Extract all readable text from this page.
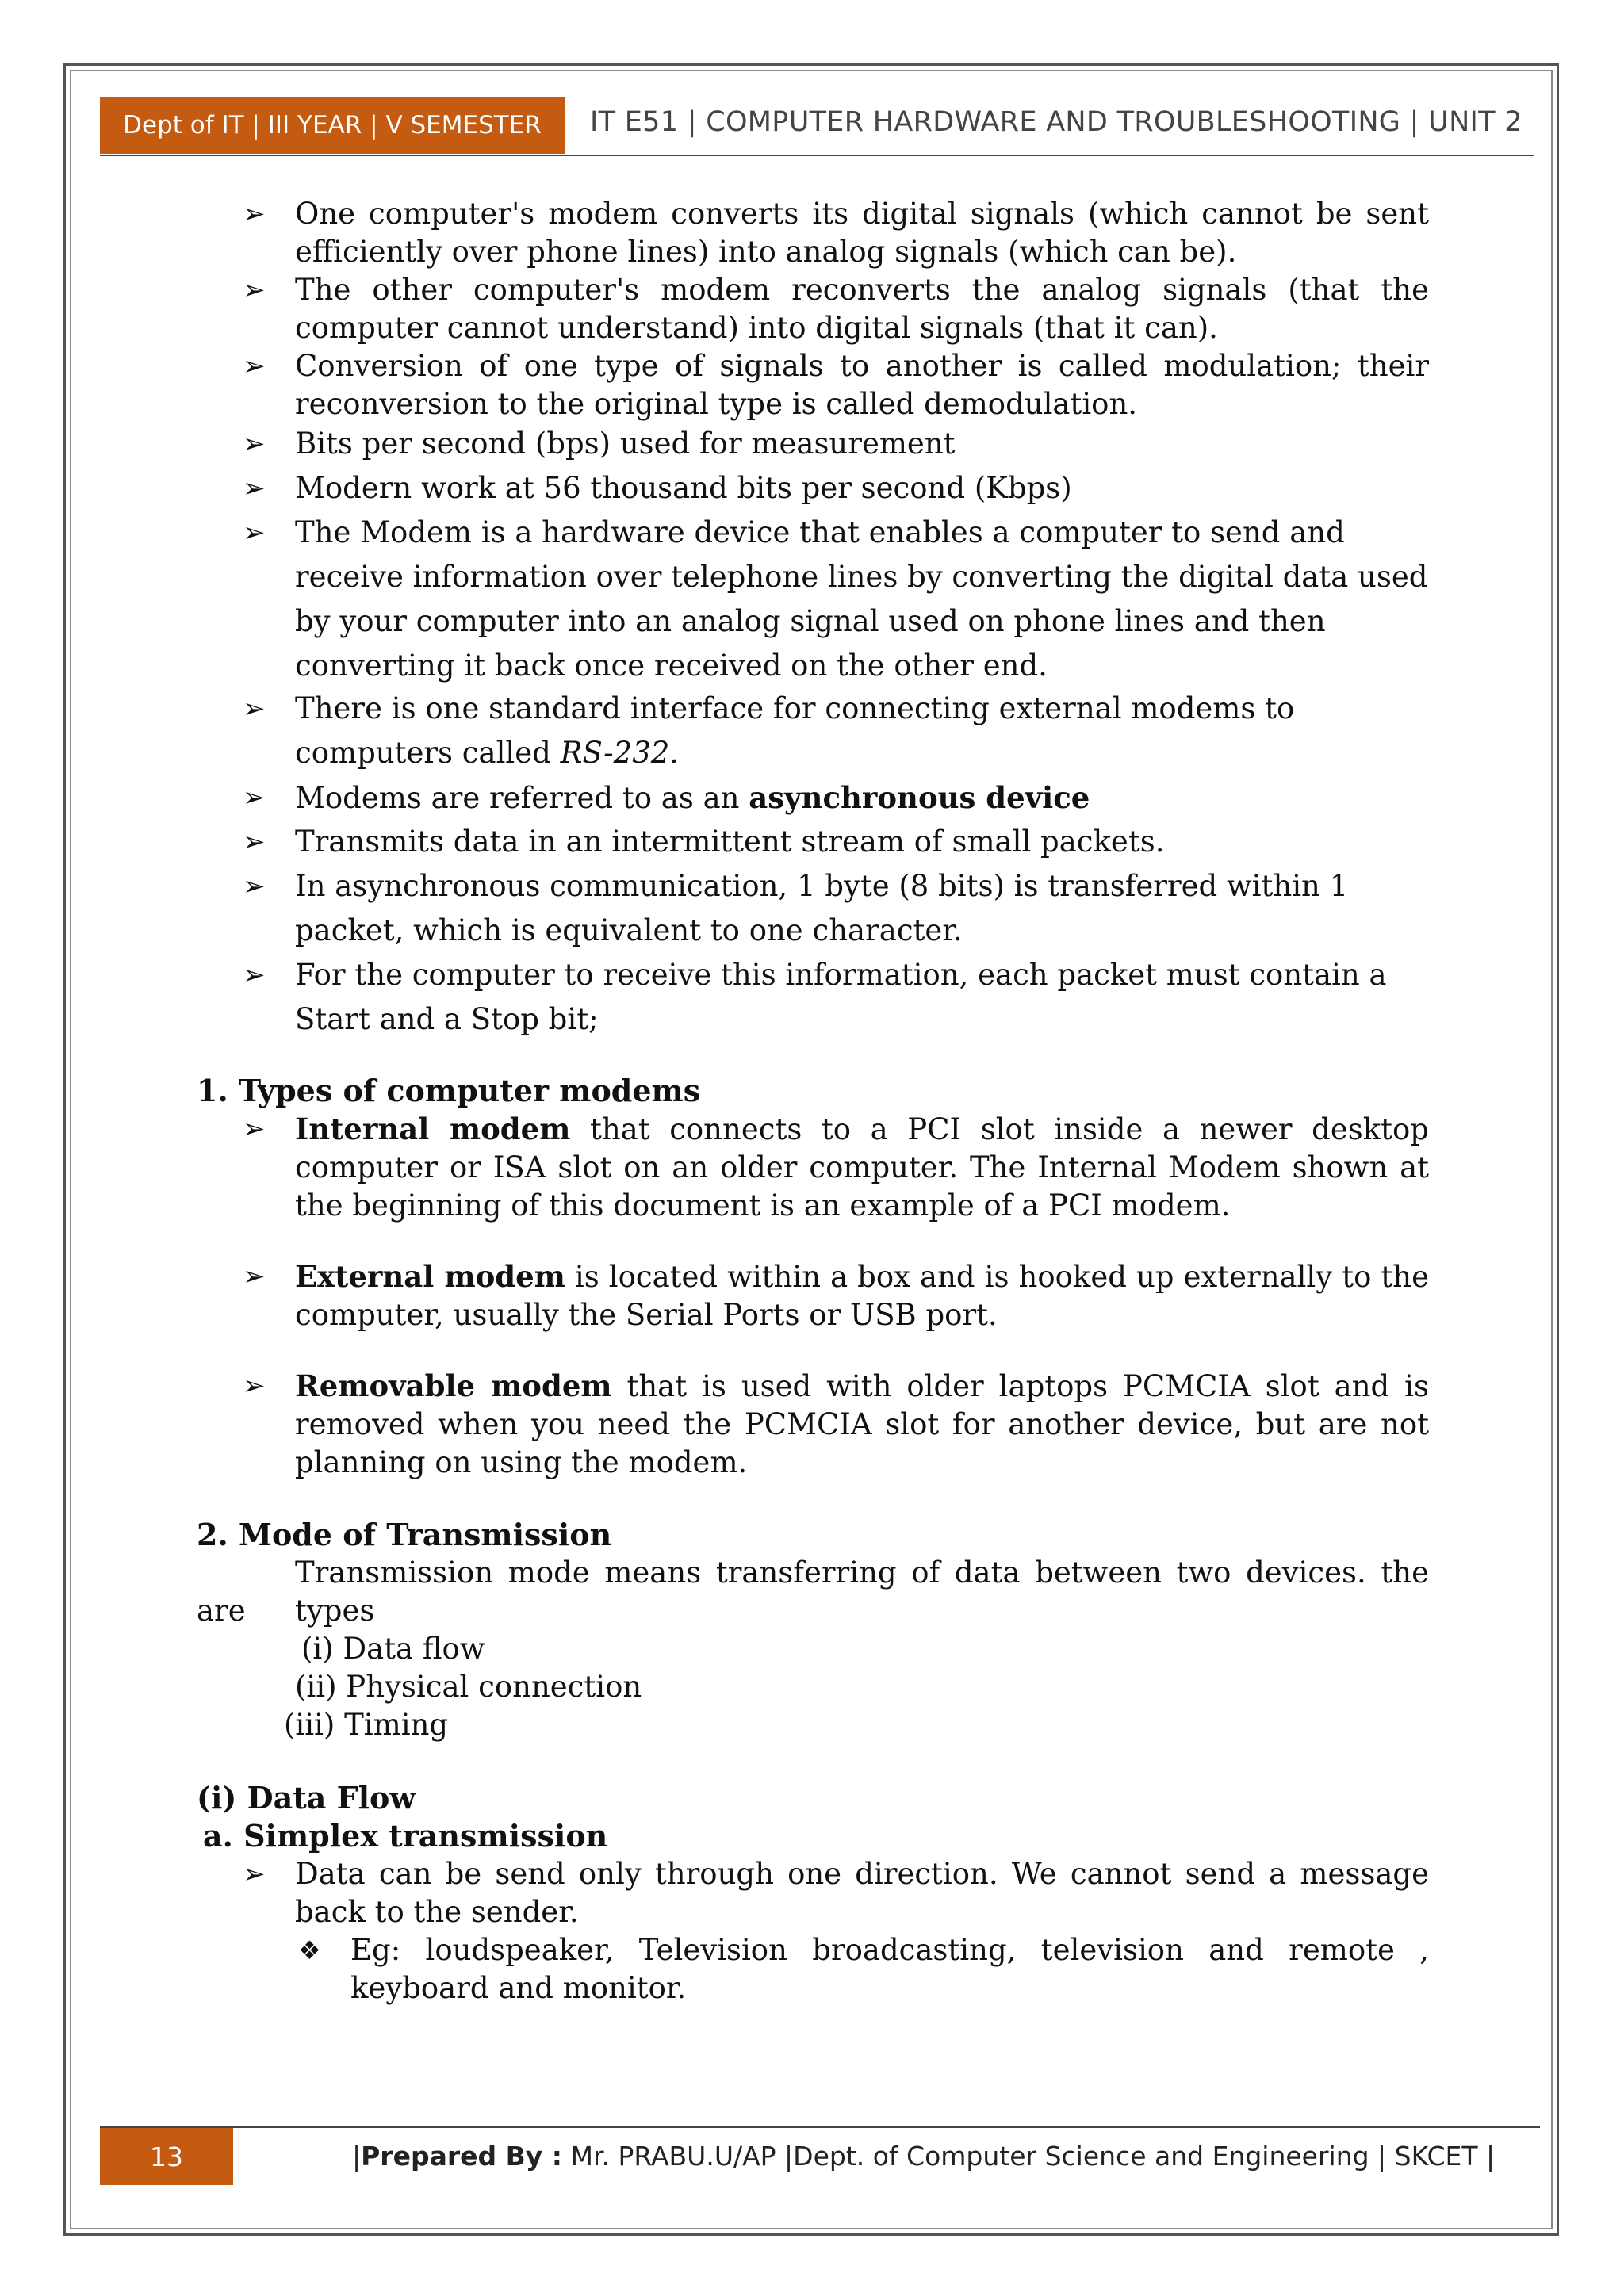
Dept of IT | III YEAR | V SEMESTER	IT E51 | COMPUTER HARDWARE AND TROUBLESHOOTING | UNIT 2
➢ One computer's modem converts its digital signals (which cannot be sent efficiently over phone lines) into analog signals (which can be).
➢ The other computer's modem reconverts the analog signals (that the computer cannot understand) into digital signals (that it can).
➢ Conversion of one type of signals to another is called modulation; their reconversion to the original type is called demodulation.
➢ Bits per second (bps) used for measurement
➢ Modern work at 56 thousand bits per second (Kbps)
➢ The Modem is a hardware device that enables a computer to send and receive information over telephone lines by converting the digital data used by your computer into an analog signal used on phone lines and then converting it back once received on the other end.
➢ There is one standard interface for connecting external modems to computers called RS-232.
➢ Modems are referred to as an asynchronous device
➢ Transmits data in an intermittent stream of small packets.
➢ In asynchronous communication, 1 byte (8 bits) is transferred within 1 packet, which is equivalent to one character.
➢ For the computer to receive this information, each packet must contain a Start and a Stop bit;
1. Types of computer modems
➢ Internal modem that connects to a PCI slot inside a newer desktop computer or ISA slot on an older computer. The Internal Modem shown at the beginning of this document is an example of a PCI modem.
➢ External modem is located within a box and is hooked up externally to the computer, usually the Serial Ports or USB port.
➢ Removable modem that is used with older laptops PCMCIA slot and is removed when you need the PCMCIA slot for another device, but are not planning on using the modem.
2. Mode of Transmission
Transmission mode means transferring of data between two devices. the types
are
(i) Data flow
(ii) Physical connection
(iii) Timing
(i) Data Flow
a. Simplex transmission
➢ Data can be send only through one direction. We cannot send a message back to the sender.
❖ Eg: loudspeaker, Television broadcasting, television and remote , keyboard and monitor.
13	|Prepared By : Mr. PRABU.U/AP |Dept. of Computer Science and Engineering | SKCET |
